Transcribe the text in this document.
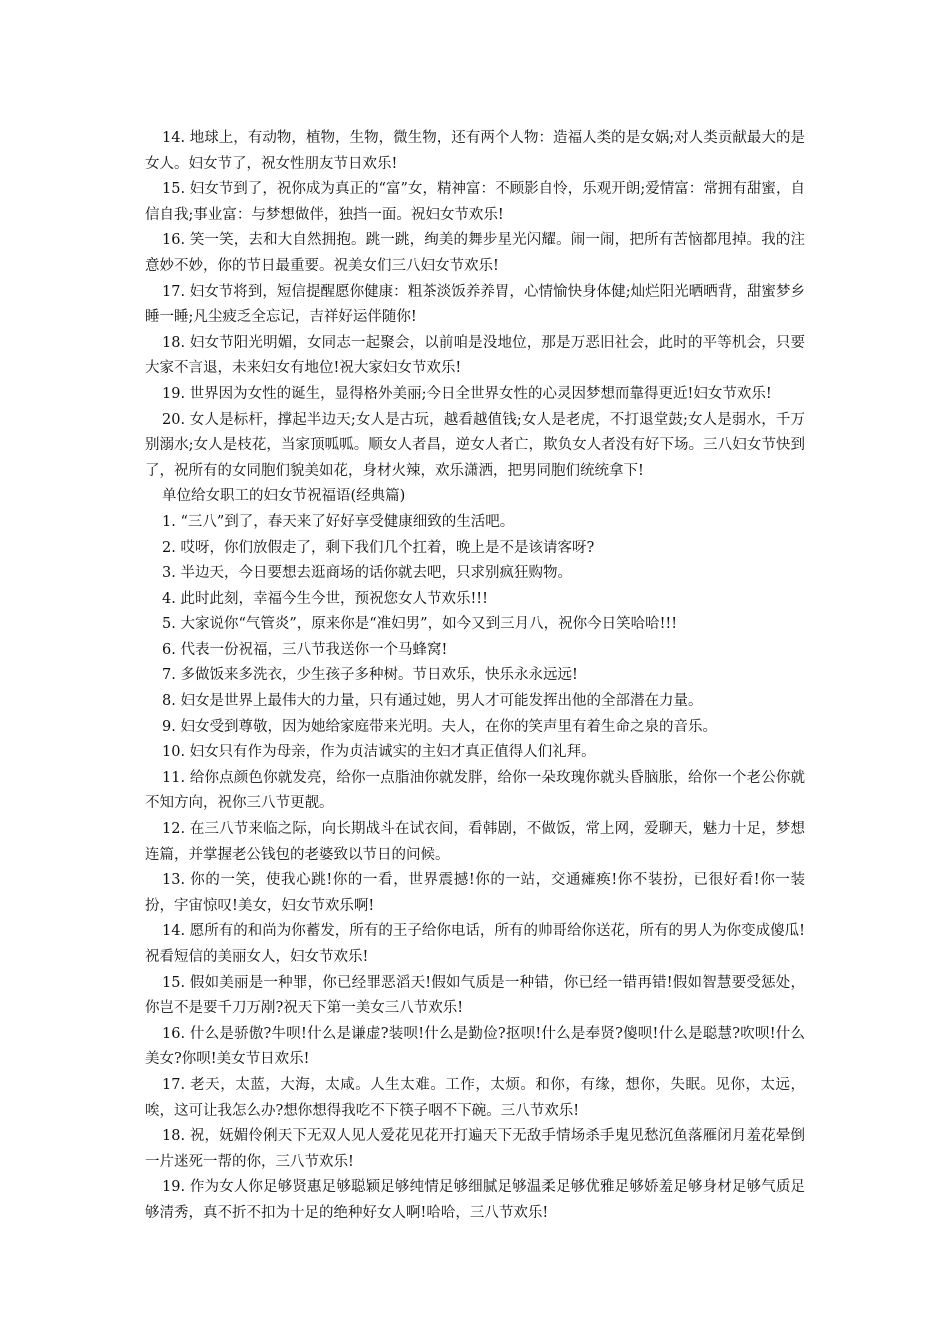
14. 地球上，有动物，植物，生物，微生物，还有两个人物：造福人类的是女娲;对人类贡献最大的是女人。妇女节了，祝女性朋友节日欢乐!

15. 妇女节到了，祝你成为真正的“富”女，精神富：不顾影自怜，乐观开朗;爱情富：常拥有甜蜜，自信自我;事业富：与梦想做伴，独挡一面。祝妇女节欢乐!

16. 笑一笑，去和大自然拥抱。跳一跳，绚美的舞步星光闪耀。闹一闹，把所有苦恼都甩掉。我的注意妙不妙，你的节日最重要。祝美女们三八妇女节欢乐!

17. 妇女节将到，短信提醒愿你健康：粗茶淡饭养养胃，心情愉快身体健;灿烂阳光晒晒背，甜蜜梦乡睡一睡;凡尘疲乏全忘记，吉祥好运伴随你!

18. 妇女节阳光明媚，女同志一起聚会，以前咱是没地位，那是万恶旧社会，此时的平等机会，只要大家不言退，未来妇女有地位!祝大家妇女节欢乐!

19. 世界因为女性的诞生，显得格外美丽;今日全世界女性的心灵因梦想而靠得更近!妇女节欢乐!

20. 女人是标杆，撑起半边天;女人是古玩，越看越值钱;女人是老虎，不打退堂鼓;女人是弱水，千万别溺水;女人是枝花，当家顶呱呱。顺女人者昌，逆女人者亡，欺负女人者没有好下场。三八妇女节快到了，祝所有的女同胞们貌美如花，身材火辣，欢乐潇洒，把男同胞们统统拿下!

单位给女职工的妇女节祝福语(经典篇)

1. “三八”到了，春天来了好好享受健康细致的生活吧。

2. 哎呀，你们放假走了，剩下我们几个扛着，晚上是不是该请客呀?

3. 半边天，今日要想去逛商场的话你就去吧，只求别疯狂购物。

4. 此时此刻，幸福今生今世，预祝您女人节欢乐!!!

5. 大家说你“气管炎”，原来你是“准妇男”，如今又到三月八，祝你今日笑哈哈!!!

6. 代表一份祝福，三八节我送你一个马蜂窝!

7. 多做饭来多洗衣，少生孩子多种树。节日欢乐，快乐永永远远!

8. 妇女是世界上最伟大的力量，只有通过她，男人才可能发挥出他的全部潜在力量。

9. 妇女受到尊敬，因为她给家庭带来光明。夫人，在你的笑声里有着生命之泉的音乐。

10. 妇女只有作为母亲，作为贞洁诚实的主妇才真正值得人们礼拜。

11. 给你点颜色你就发亮，给你一点脂油你就发胖，给你一朵玫瑰你就头昏脑胀，给你一个老公你就不知方向，祝你三八节更靓。

12. 在三八节来临之际，向长期战斗在试衣间，看韩剧，不做饭，常上网，爱聊天，魅力十足，梦想连篇，并掌握老公钱包的老婆致以节日的问候。

13. 你的一笑，使我心跳!你的一看，世界震撼!你的一站，交通瘫痪!你不装扮，已很好看!你一装扮，宇宙惊叹!美女，妇女节欢乐啊!

14. 愿所有的和尚为你蓄发，所有的王子给你电话，所有的帅哥给你送花，所有的男人为你变成傻瓜!祝看短信的美丽女人，妇女节欢乐!

15. 假如美丽是一种罪，你已经罪恶滔天!假如气质是一种错，你已经一错再错!假如智慧要受惩处，你岂不是要千刀万剐?祝天下第一美女三八节欢乐!

16. 什么是骄傲?牛呗!什么是谦虚?装呗!什么是勤俭?抠呗!什么是奉贤?傻呗!什么是聪慧?吹呗!什么美女?你呗!美女节日欢乐!

17. 老天，太蓝，大海，太咸。人生太难。工作，太烦。和你，有缘，想你，失眠。见你，太远，唉，这可让我怎么办?想你想得我吃不下筷子咽不下碗。三八节欢乐!

18. 祝，妩媚伶俐天下无双人见人爱花见花开打遍天下无敌手情场杀手鬼见愁沉鱼落雁闭月羞花晕倒一片迷死一帮的你，三八节欢乐!

19. 作为女人你足够贤惠足够聪颖足够纯情足够细腻足够温柔足够优雅足够娇羞足够身材足够气质足够清秀，真不折不扣为十足的绝种好女人啊!哈哈，三八节欢乐!
